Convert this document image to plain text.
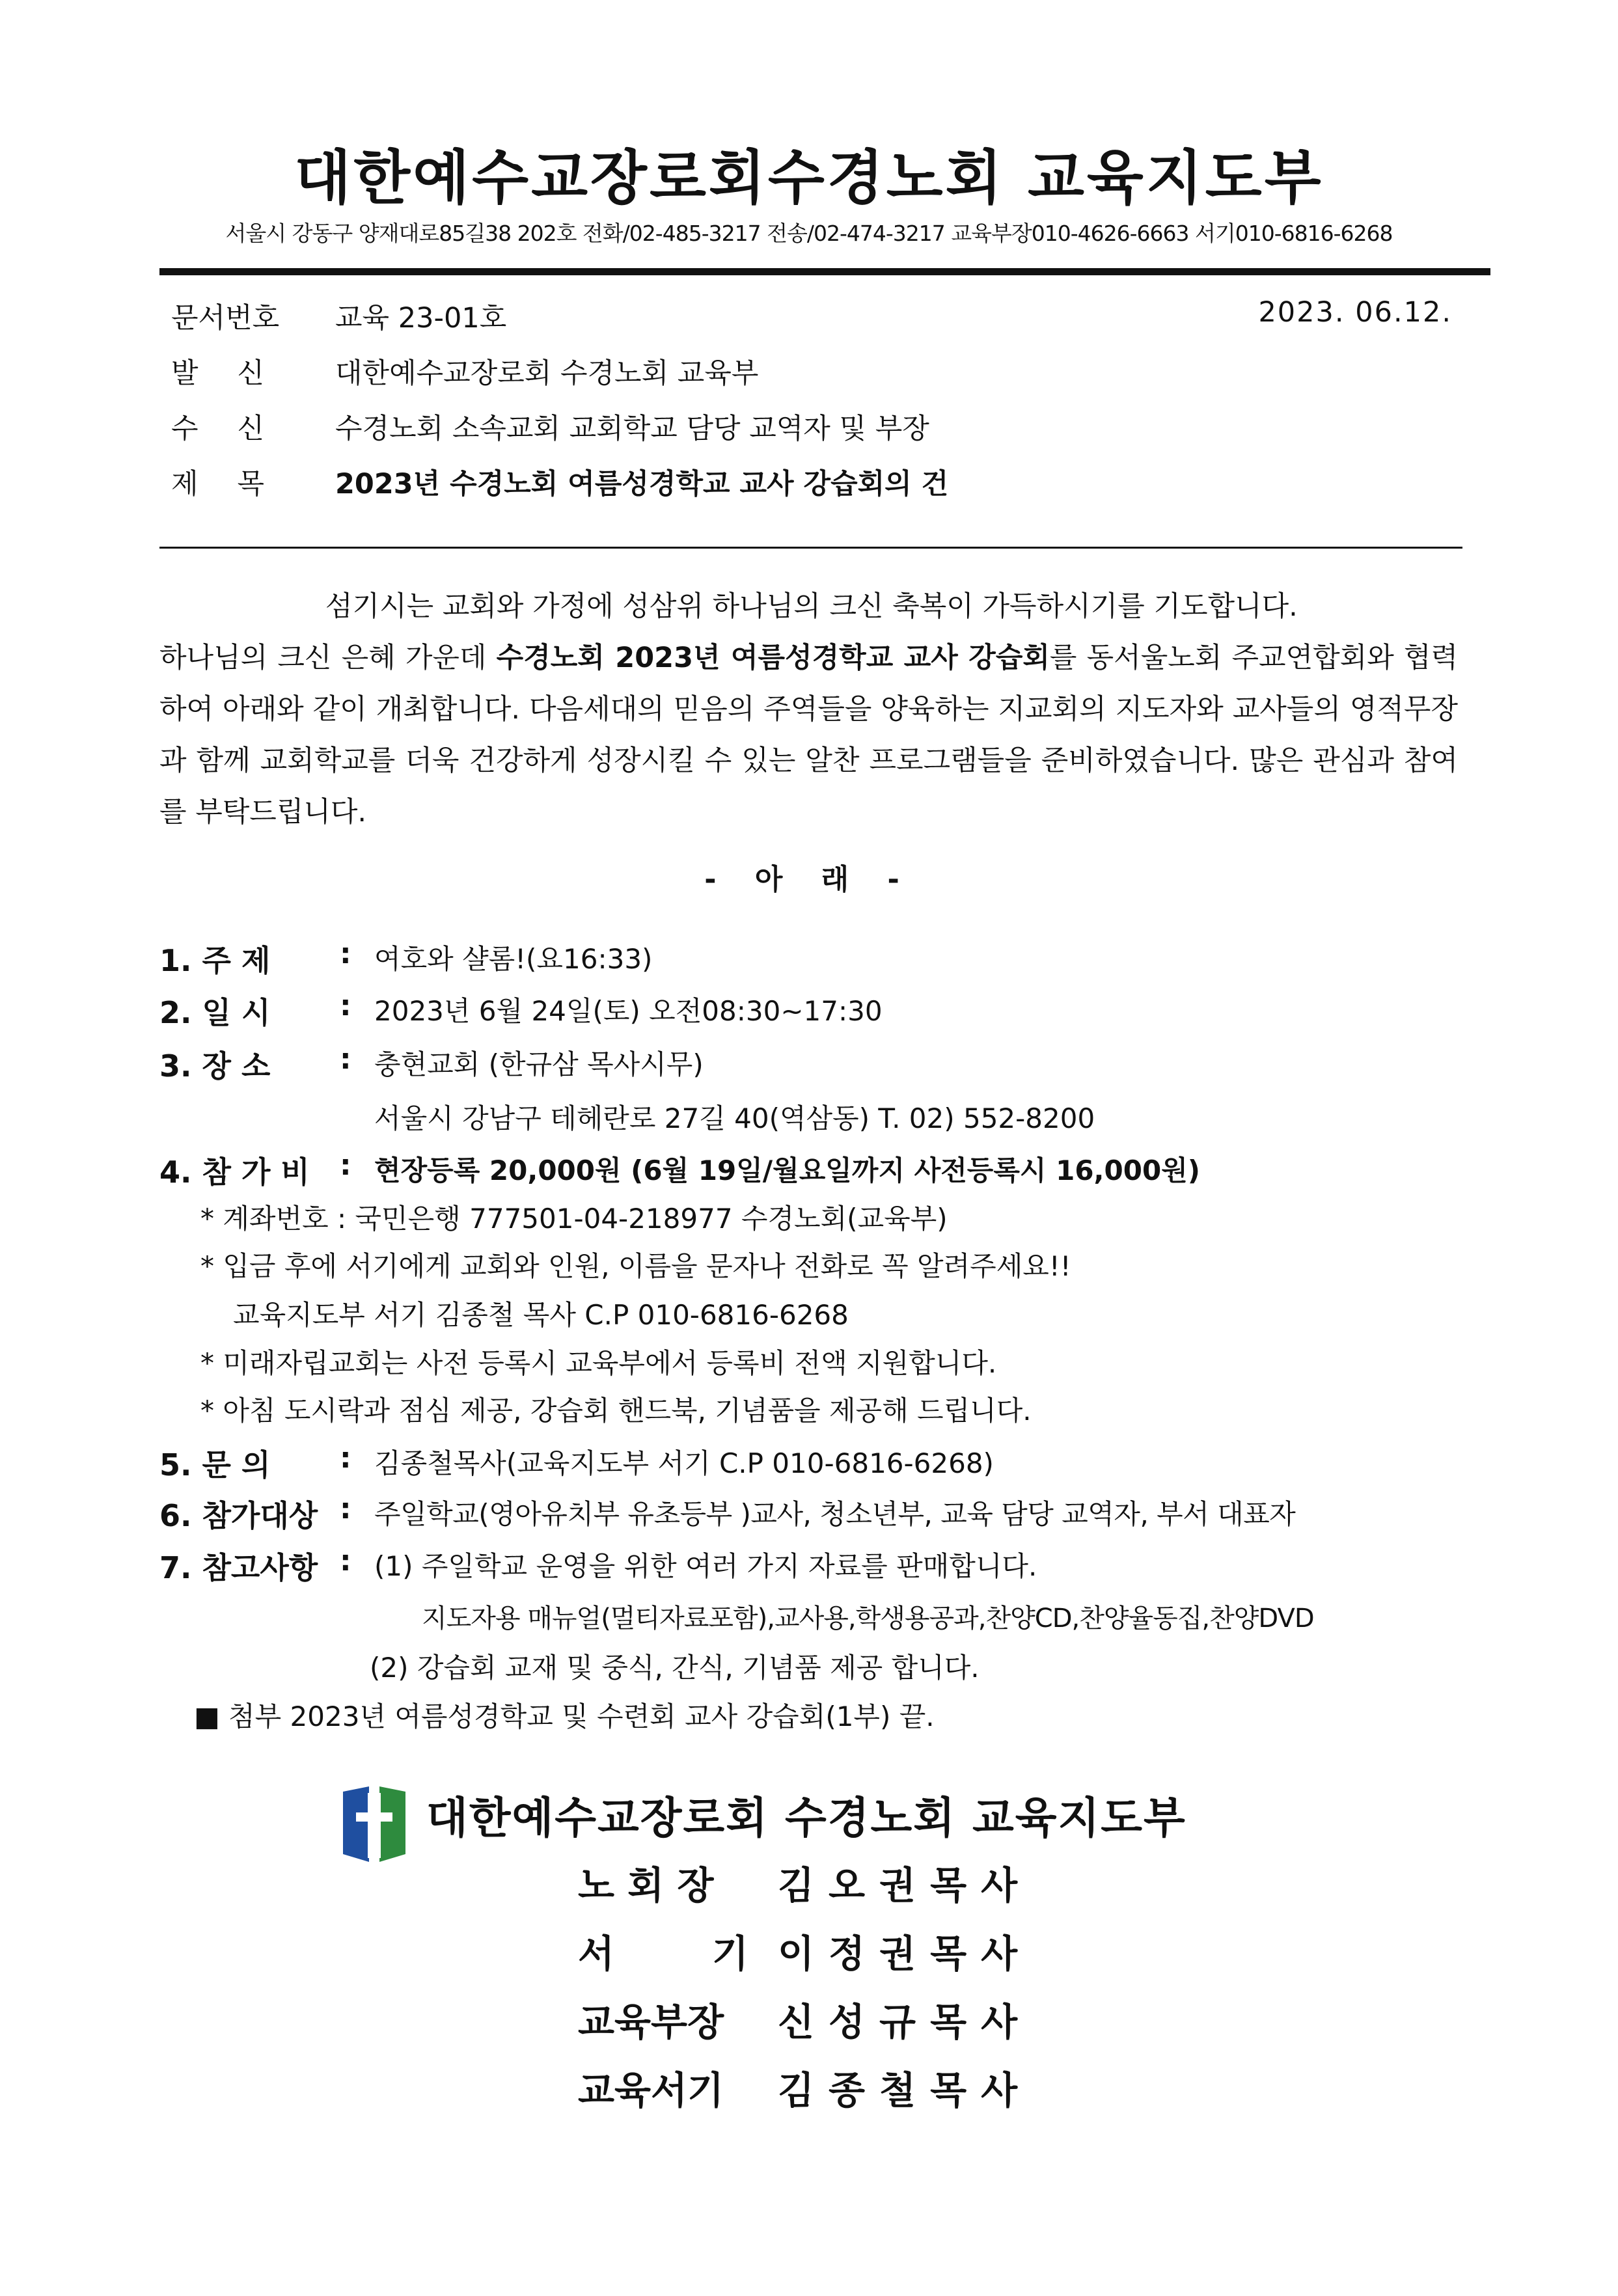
대한예수교장로회수경노회 교육지도부
서울시 강동구 양재대로85길38 202호 전화/02-485-3217 전송/02-474-3217 교육부장010-4626-6663 서기010-6816-6268
문서번호 교육 23-01호	2023. 06.12.
발신 대한예수교장로회 수경노회 교육부
수신 수경노회 소속교회 교회학교 담당 교역자 및 부장
제목 2023년 수경노회 여름성경학교 교사 강습회의 건

섬기시는 교회와 가정에 성삼위 하나님의 크신 축복이 가득하시기를 기도합니다.

하나님의 크신 은혜 가운데 수경노회 2023년 여름성경학교 교사 강습회를 동서울노회 주교연합회와 협력하여 아래와 같이 개최합니다. 다음세대의 믿음의 주역들을 양육하는 지교회의 지도자와 교사들의 영적무장과 함께 교회학교를 더욱 건강하게 성장시킬 수 있는 알찬 프로그램들을 준비하였습니다. 많은 관심과 참여를 부탁드립니다.

- 아 래 -
1. 주 제 : 여호와 샬롬!(요16:33)
2. 일 시 : 2023년 6월 24일(토) 오전08:30~17:30
3. 장 소 : 충현교회 (한규삼 목사시무)
서울시 강남구 테헤란로 27길 40(역삼동) T. 02) 552-8200
4. 참 가 비 : 현장등록 20,000원 (6월 19일/월요일까지 사전등록시 16,000원)
* 계좌번호 : 국민은행 777501-04-218977 수경노회(교육부)
* 입금 후에 서기에게 교회와 인원, 이름을 문자나 전화로 꼭 알려주세요!!
교육지도부 서기 김종철 목사 C.P 010-6816-6268
* 미래자립교회는 사전 등록시 교육부에서 등록비 전액 지원합니다.
* 아침 도시락과 점심 제공, 강습회 핸드북, 기념품을 제공해 드립니다.
5. 문 의 : 김종철목사(교육지도부 서기 C.P 010-6816-6268)
6. 참가대상 : 주일학교(영아유치부 유초등부 )교사, 청소년부, 교육 담당 교역자, 부서 대표자
7. 참고사항 : (1) 주일학교 운영을 위한 여러 가지 자료를 판매합니다.
지도자용 매뉴얼(멀티자료포함),교사용,학생용공과,찬양CD,찬양율동집,찬양DVD
(2) 강습회 교재 및 중식, 간식, 기념품 제공 합니다.
■ 첨부 2023년 여름성경학교 및 수련회 교사 강습회(1부) 끝.
대한예수교장로회 수경노회 교육지도부
노 회 장 김오권목사
서기
이정권목사
교육부장 신성규목사
교육서기 김종철목사
